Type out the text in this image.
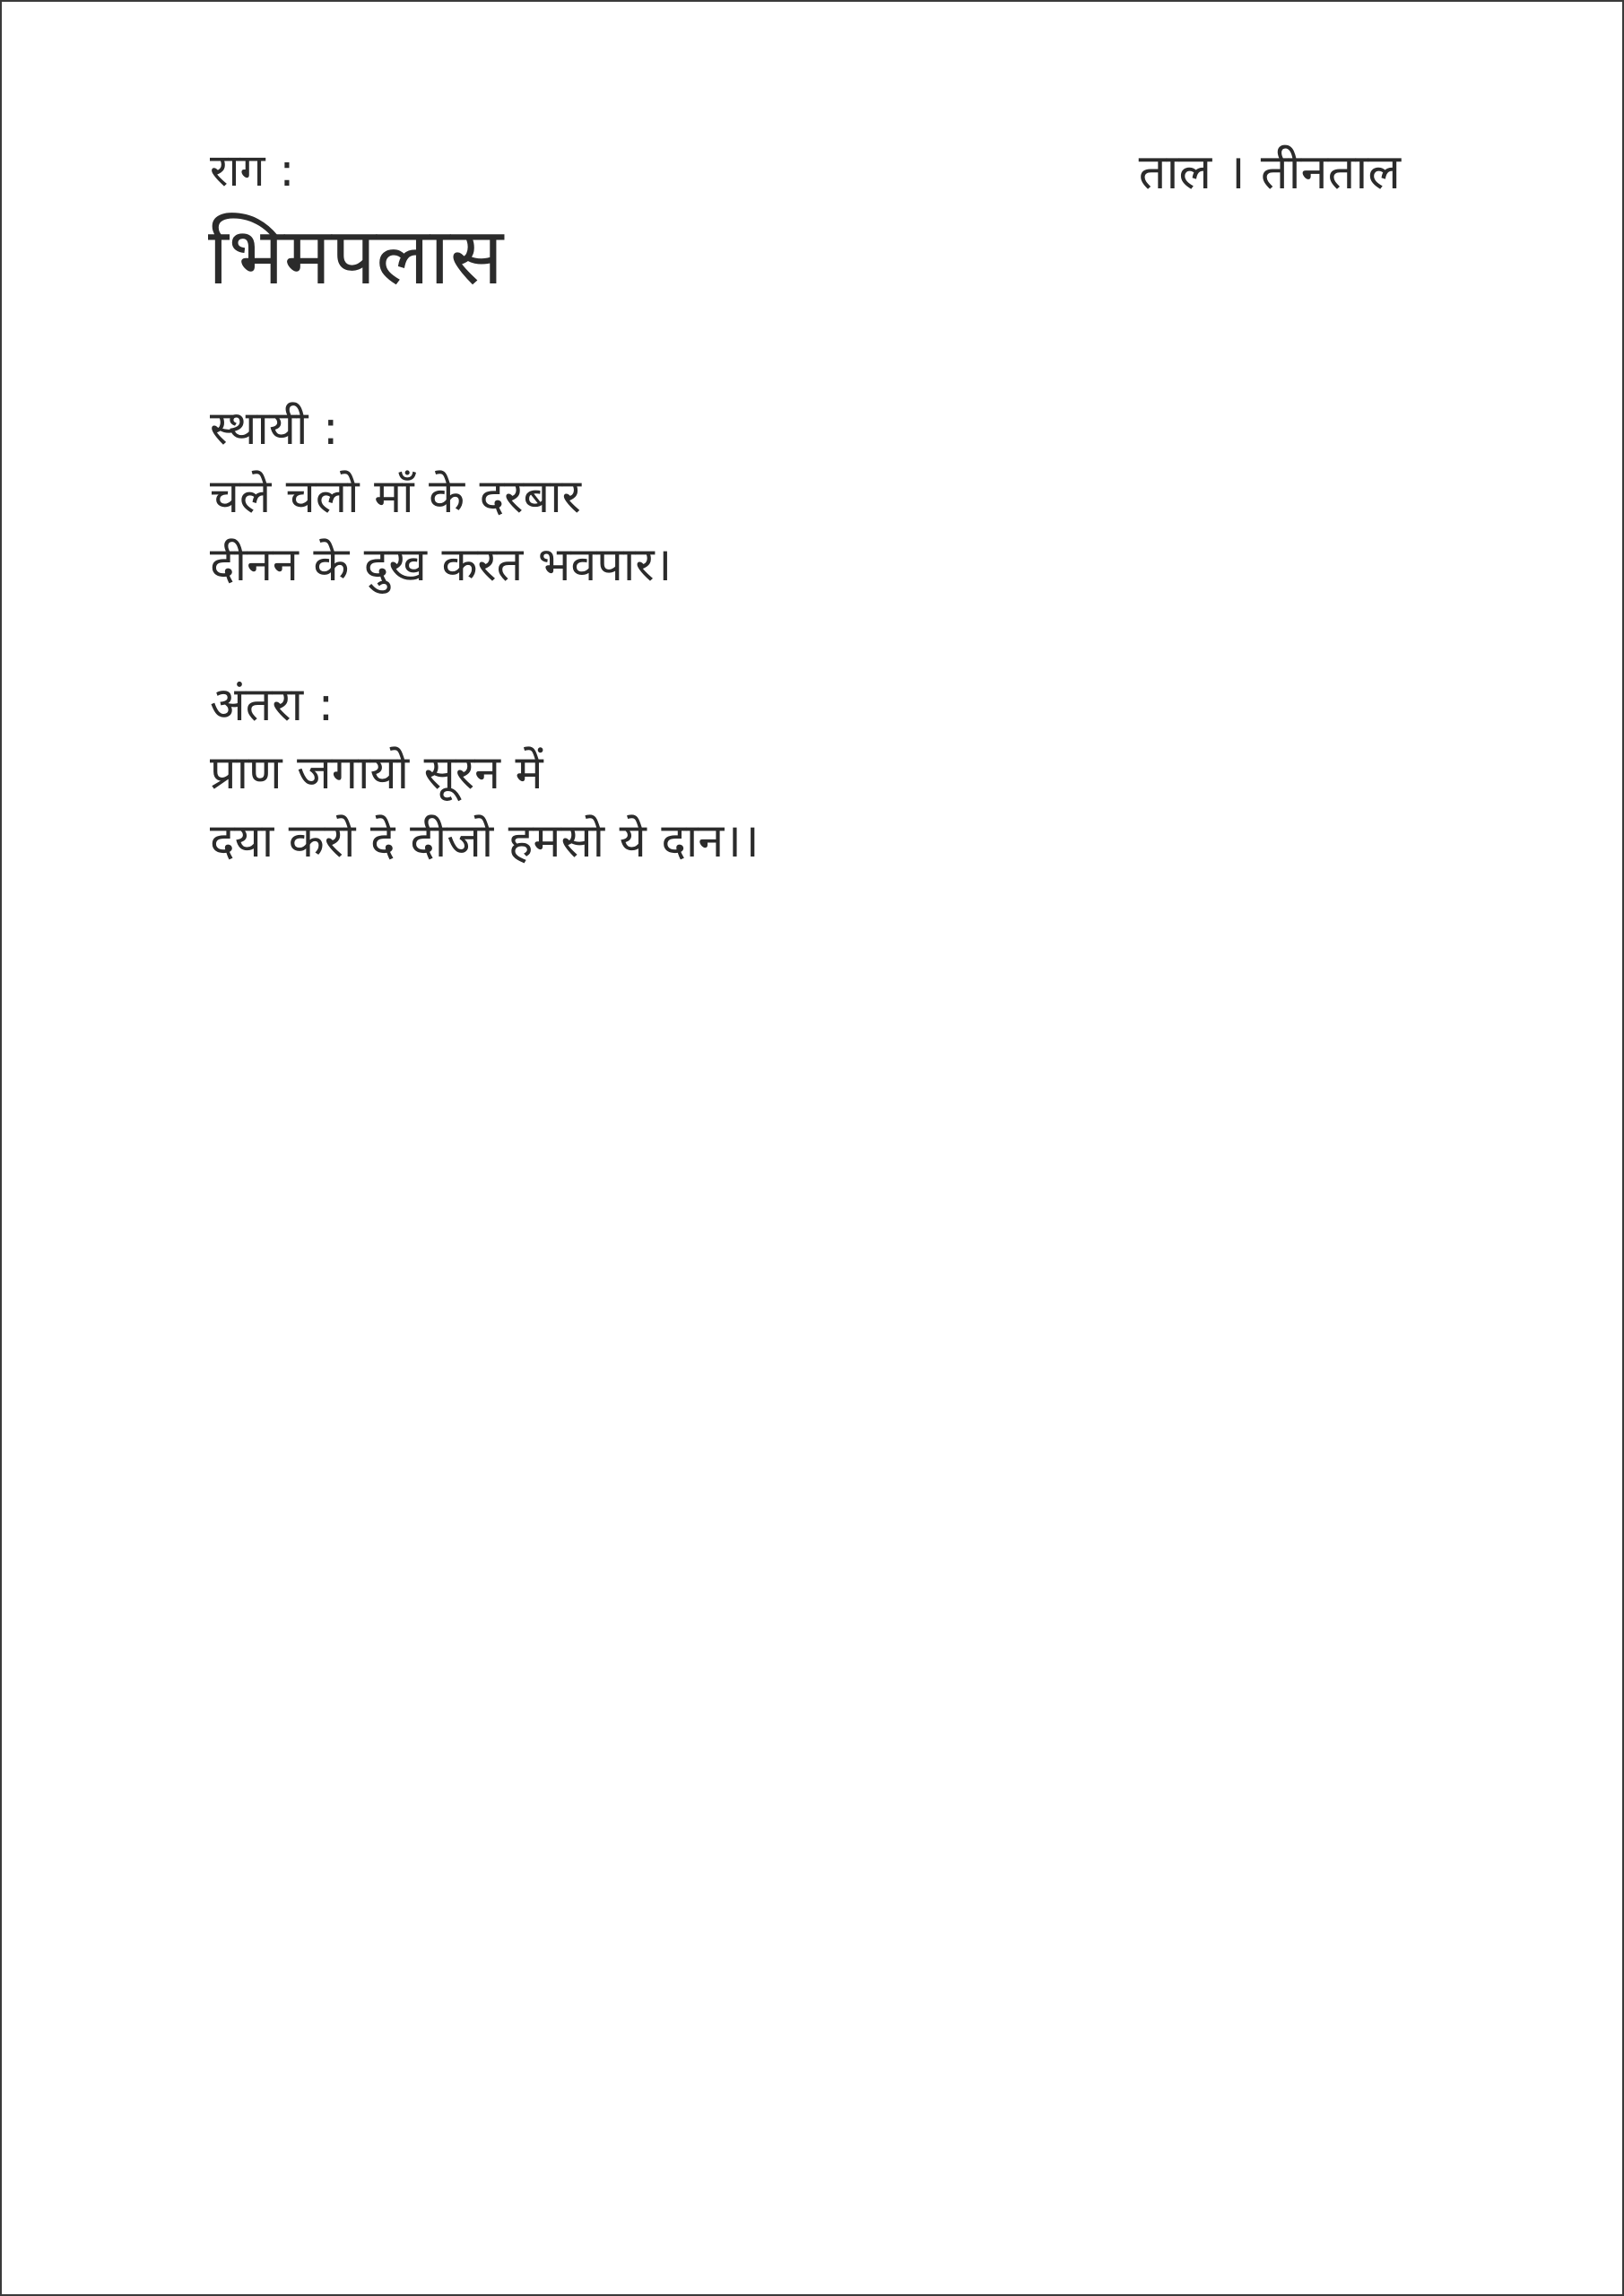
राग :	ताल । तीनताल
भिमपलास
स्थायी :
चले चलो माँ के दरबार
दीनन के दुख करत भवपार।
अंतरा :
प्राण जगायो सूरन में
दया करो दे दीजो हमसो ये दान।।
